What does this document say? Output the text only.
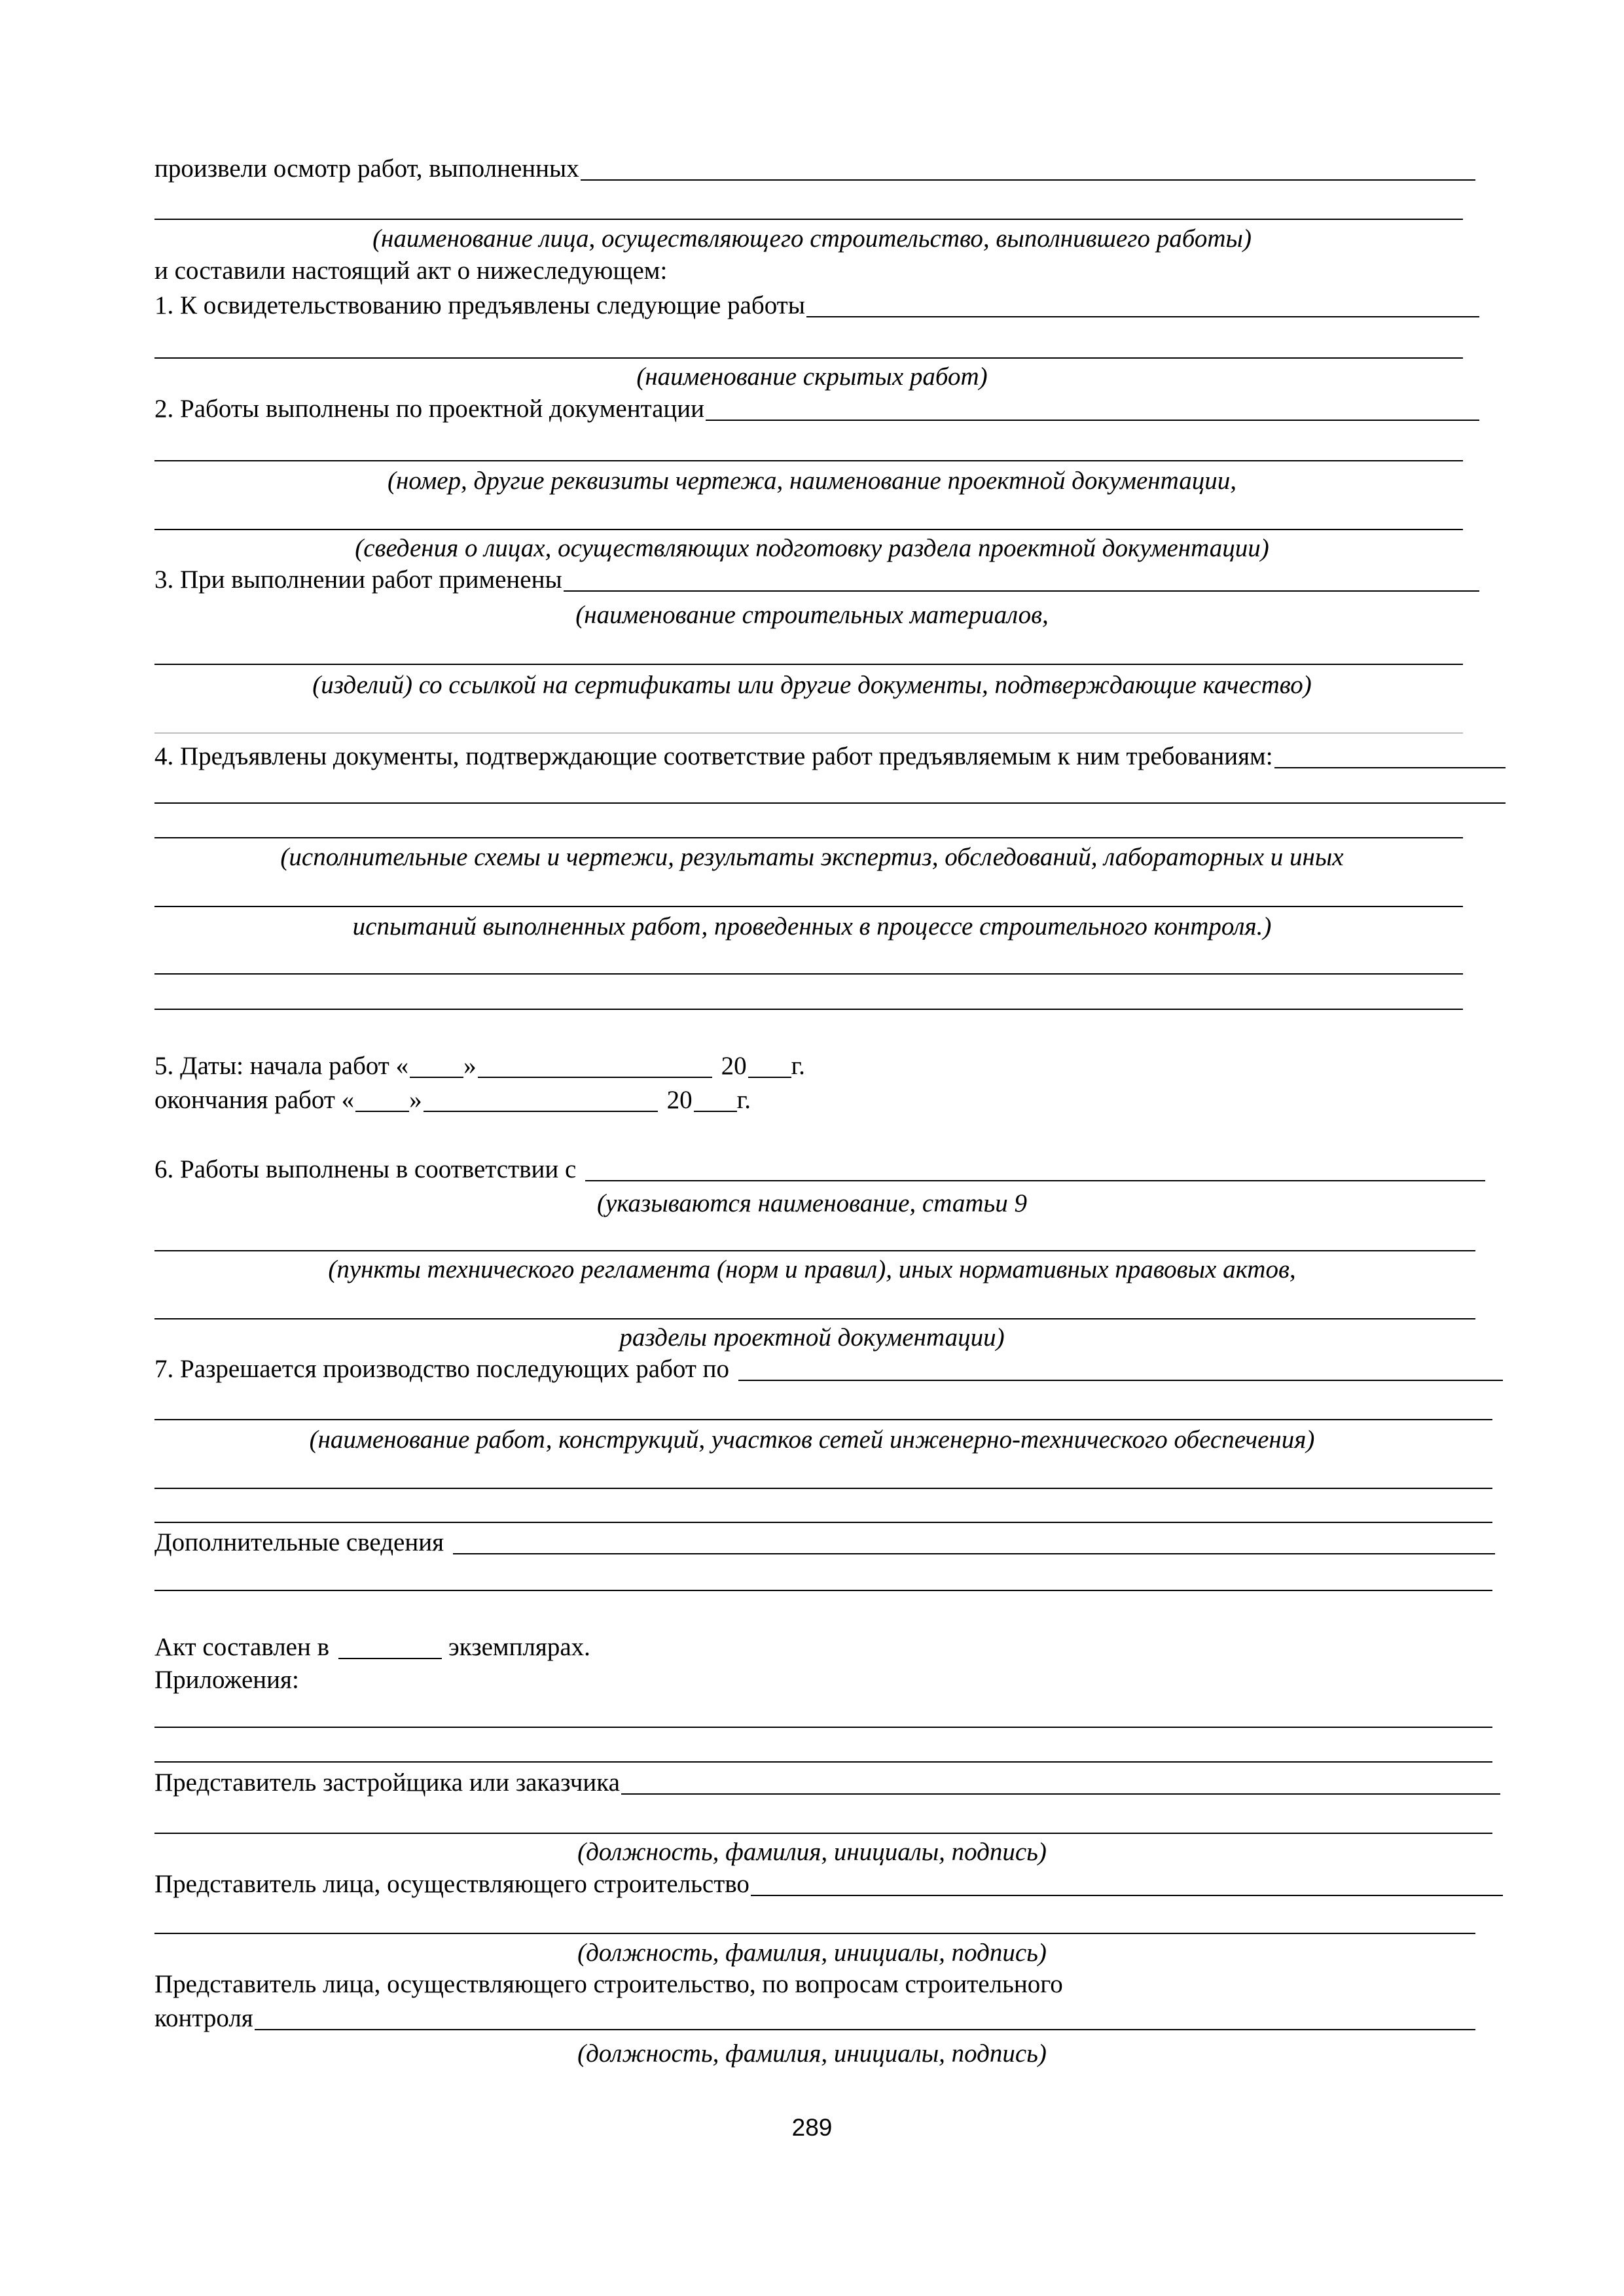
произвели осмотр работ, выполненных
(наименование лица, осуществляющего строительство, выполнившего работы)
и составили настоящий акт о нижеследующем:
1. К освидетельствованию предъявлены следующие работы
(наименование скрытых работ)
2. Работы выполнены по проектной документации
(номер, другие реквизиты чертежа, наименование проектной документации,
(сведения о лицах, осуществляющих подготовку раздела проектной документации)
3. При выполнении работ применены
(наименование строительных материалов,
(изделий) со ссылкой на сертификаты или другие документы, подтверждающие качество)
4. Предъявлены документы, подтверждающие соответствие работ предъявляемым к ним требованиям:
(исполнительные схемы и чертежи, результаты экспертиз, обследований, лабораторных и иных
испытаний выполненных работ, проведенных в процессе строительного контроля.)
5. Даты: начала работ « »	20 г.
окончания работ « »	20 г.
6. Работы выполнены в соответствии с
(указываются наименование, статьи 9
(пункты технического регламента (норм и правил), иных нормативных правовых актов,
разделы проектной документации)
7. Разрешается производство последующих работ по
(наименование работ, конструкций, участков сетей инженерно-технического обеспечения)
Дополнительные сведения
Акт составлен в	экземплярах.
Приложения:
Представитель застройщика или заказчика
(должность, фамилия, инициалы, подпись)
Представитель лица, осуществляющего строительство
(должность, фамилия, инициалы, подпись)
Представитель лица, осуществляющего строительство, по вопросам строительного
контроля
(должность, фамилия, инициалы, подпись)
289
